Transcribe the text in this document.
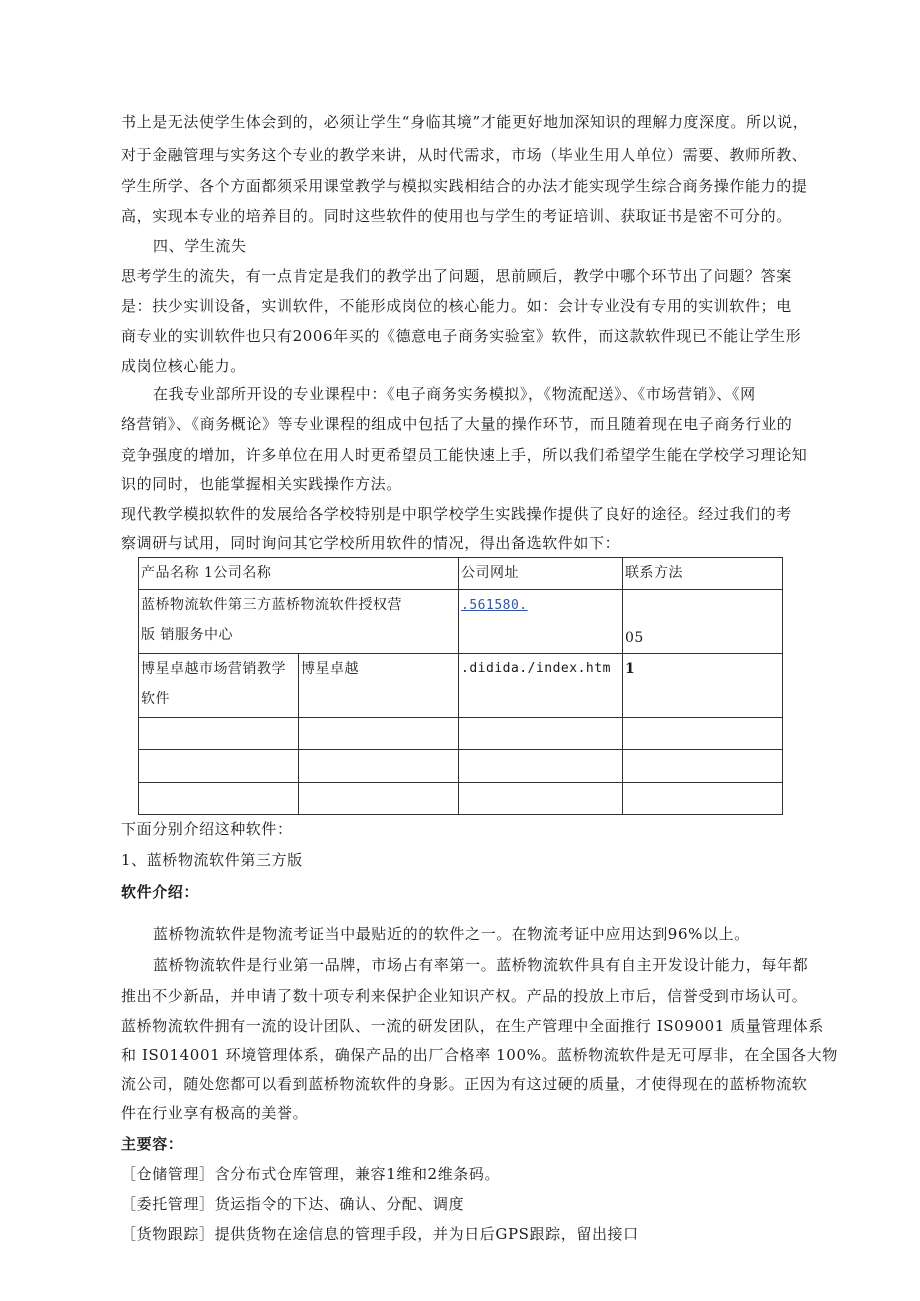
书上是无法使学生体会到的，必须让学生“身临其境”才能更好地加深知识的理解力度深度。所以说，
对于金融管理与实务这个专业的教学来讲，从时代需求，市场（毕业生用人单位）需要、教师所教、
学生所学、各个方面都须采用课堂教学与模拟实践相结合的办法才能实现学生综合商务操作能力的提
高，实现本专业的培养目的。同时这些软件的使用也与学生的考证培训、获取证书是密不可分的。
四、学生流失
思考学生的流失，有一点肯定是我们的教学出了问题，思前顾后，教学中哪个环节出了问题？答案
是：扶少实训设备，实训软件，不能形成岗位的核心能力。如：会计专业没有专用的实训软件；电
商专业的实训软件也只有2006年买的《德意电子商务实验室》软件，而这款软件现已不能让学生形
成岗位核心能力。
在我专业部所开设的专业课程中：《电子商务实务模拟》，《物流配送》、《市场营销》、《网
络营销》、《商务概论》等专业课程的组成中包括了大量的操作环节，而且随着现在电子商务行业的
竞争强度的增加，许多单位在用人时更希望员工能快速上手，所以我们希望学生能在学校学习理论知
识的同时，也能掌握相关实践操作方法。
现代教学模拟软件的发展给各学校特别是中职学校学生实践操作提供了良好的途径。经过我们的考
察调研与试用，同时询问其它学校所用软件的情况，得出备选软件如下：
产品名称 1公司名称		公司网址	联系方法

蓝桥物流软件第三方蓝桥物流软件授权营
版 销服务中心		.561580.	05

博星卓越市场营销教学
软件	博星卓越	.didida./index.htm	1

下面分别介绍这种软件：
1、蓝桥物流软件第三方版
软件介绍：
蓝桥物流软件是物流考证当中最贴近的的软件之一。在物流考证中应用达到96%以上。
蓝桥物流软件是行业第一品牌，市场占有率第一。蓝桥物流软件具有自主开发设计能力，每年都
推出不少新品，并申请了数十项专利来保护企业知识产权。产品的投放上市后，信誉受到市场认可。
蓝桥物流软件拥有一流的设计团队、一流的研发团队，在生产管理中全面推行 IS09001 质量管理体系
和 IS014001 环境管理体系，确保产品的出厂合格率 100%。蓝桥物流软件是无可厚非，在全国各大物
流公司，随处您都可以看到蓝桥物流软件的身影。正因为有这过硬的质量，才使得现在的蓝桥物流软
件在行业享有极高的美誉。
主要容：
［仓储管理］含分布式仓库管理，兼容1维和2维条码。
［委托管理］货运指令的下达、确认、分配、调度
［货物跟踪］提供货物在途信息的管理手段，并为日后GPS跟踪，留出接口
